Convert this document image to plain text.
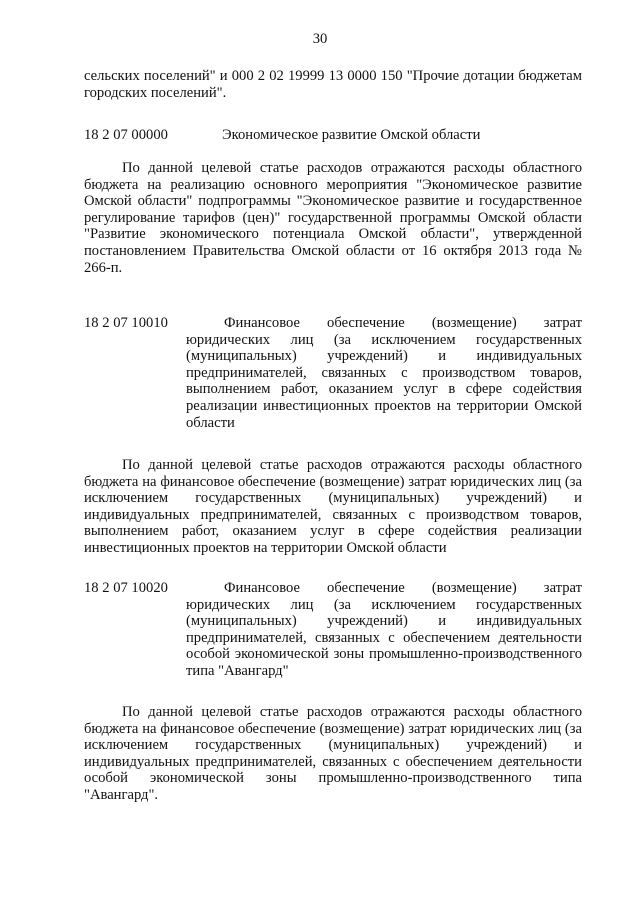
30

сельских поселений" и 000 2 02 19999 13 0000 150 "Прочие дотации бюджетам городских поселений".

18 2 07 00000	Экономическое развитие Омской области

По данной целевой статье расходов отражаются расходы областного бюджета на реализацию основного мероприятия "Экономическое развитие Омской области" подпрограммы "Экономическое развитие и государственное регулирование тарифов (цен)" государственной программы Омской области "Развитие экономического потенциала Омской области", утвержденной постановлением Правительства Омской области от 16 октября 2013 года № 266-п.

18 2 07 10010	Финансовое обеспечение (возмещение) затрат юридических лиц (за исключением государственных (муниципальных) учреждений) и индивидуальных предпринимателей, связанных с производством товаров, выполнением работ, оказанием услуг в сфере содействия реализации инвестиционных проектов на территории Омской области

По данной целевой статье расходов отражаются расходы областного бюджета на финансовое обеспечение (возмещение) затрат юридических лиц (за исключением государственных (муниципальных) учреждений) и индивидуальных предпринимателей, связанных с производством товаров, выполнением работ, оказанием услуг в сфере содействия реализации инвестиционных проектов на территории Омской области

18 2 07 10020	Финансовое обеспечение (возмещение) затрат юридических лиц (за исключением государственных (муниципальных) учреждений) и индивидуальных предпринимателей, связанных с обеспечением деятельности особой экономической зоны промышленно-производственного типа "Авангард"

По данной целевой статье расходов отражаются расходы областного бюджета на финансовое обеспечение (возмещение) затрат юридических лиц (за исключением государственных (муниципальных) учреждений) и индивидуальных предпринимателей, связанных с обеспечением деятельности особой экономической зоны промышленно-производственного типа "Авангард".
